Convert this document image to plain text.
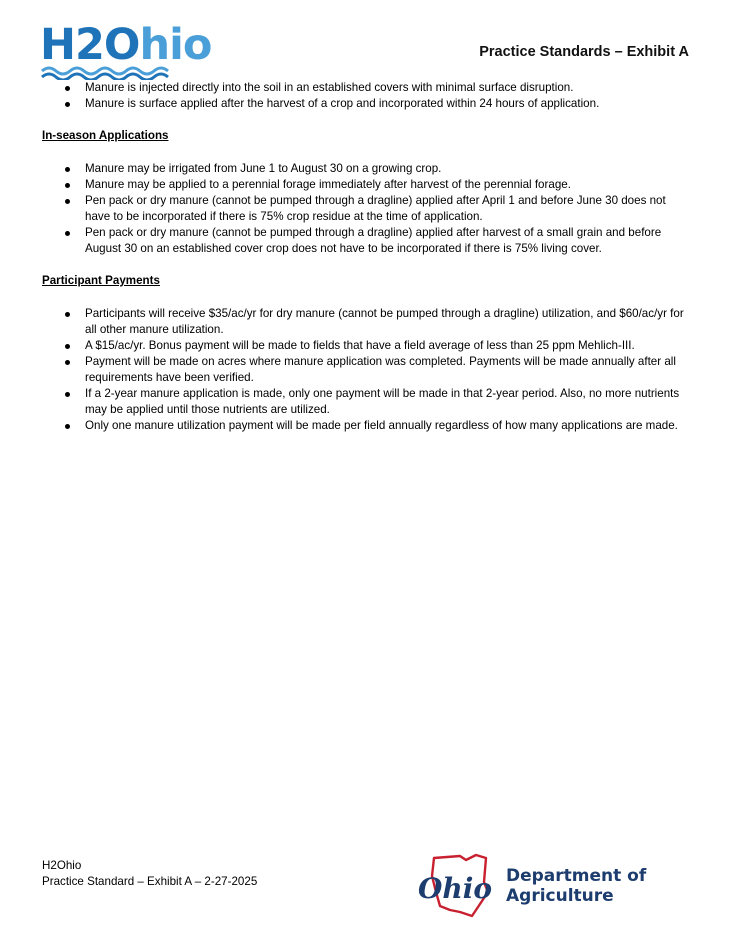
H2Ohio	Practice Standards – Exhibit A
Manure is injected directly into the soil in an established covers with minimal surface disruption.
Manure is surface applied after the harvest of a crop and incorporated within 24 hours of application.

In-season Applications

Manure may be irrigated from June 1 to August 30 on a growing crop.
Manure may be applied to a perennial forage immediately after harvest of the perennial forage.
Pen pack or dry manure (cannot be pumped through a dragline) applied after April 1 and before June 30 does not have to be incorporated if there is 75% crop residue at the time of application.
Pen pack or dry manure (cannot be pumped through a dragline) applied after harvest of a small grain and before August 30 on an established cover crop does not have to be incorporated if there is 75% living cover.

Participant Payments

Participants will receive $35/ac/yr for dry manure (cannot be pumped through a dragline) utilization, and $60/ac/yr for all other manure utilization.
A $15/ac/yr. Bonus payment will be made to fields that have a field average of less than 25 ppm Mehlich-III.
Payment will be made on acres where manure application was completed. Payments will be made annually after all requirements have been verified.
If a 2-year manure application is made, only one payment will be made in that 2-year period. Also, no more nutrients may be applied until those nutrients are utilized.
Only one manure utilization payment will be made per field annually regardless of how many applications are made.
H2Ohio
Practice Standard – Exhibit A – 2-27-2025	Ohio Department of
Agriculture
